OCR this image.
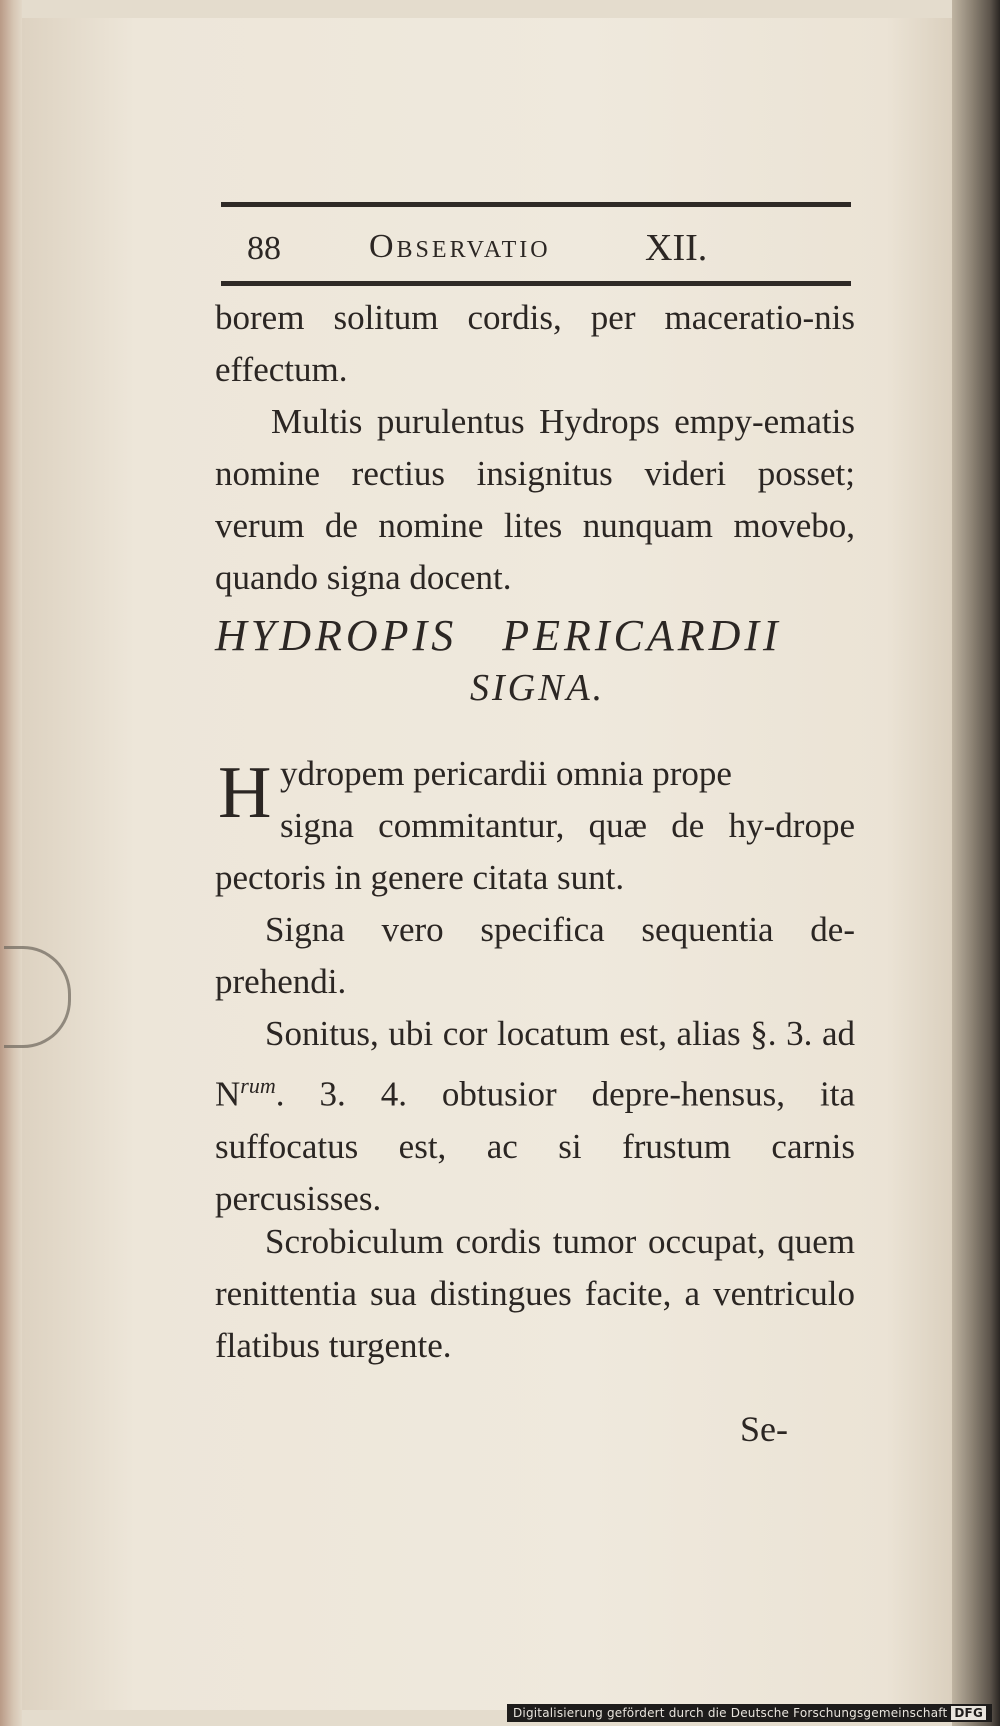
88	Observatio XII.
borem solitum cordis, per maceratio-nis effectum.
Multis purulentus Hydrops empy-ematis nomine rectius insignitus videri posset; verum de nomine lites nunquam movebo, quando signa docent.
HYDROPIS PERICARDII
SIGNA.
H ydropem pericardii omnia prope
signa commitantur, quæ de hy-drope pectoris in genere citata sunt.
Signa vero specifica sequentia de-prehendi.
Sonitus, ubi cor locatum est, alias §. 3. ad $N^{rum}$. 3. 4. obtusior depre-hensus, ita suffocatus est, ac si frustum carnis percusisses.
Scrobiculum cordis tumor occupat, quem renittentia sua distingues facite, a ventriculo flatibus turgente.
Se-
Digitalisierung gefördert durch die Deutsche Forschungsgemeinschaft DFG
